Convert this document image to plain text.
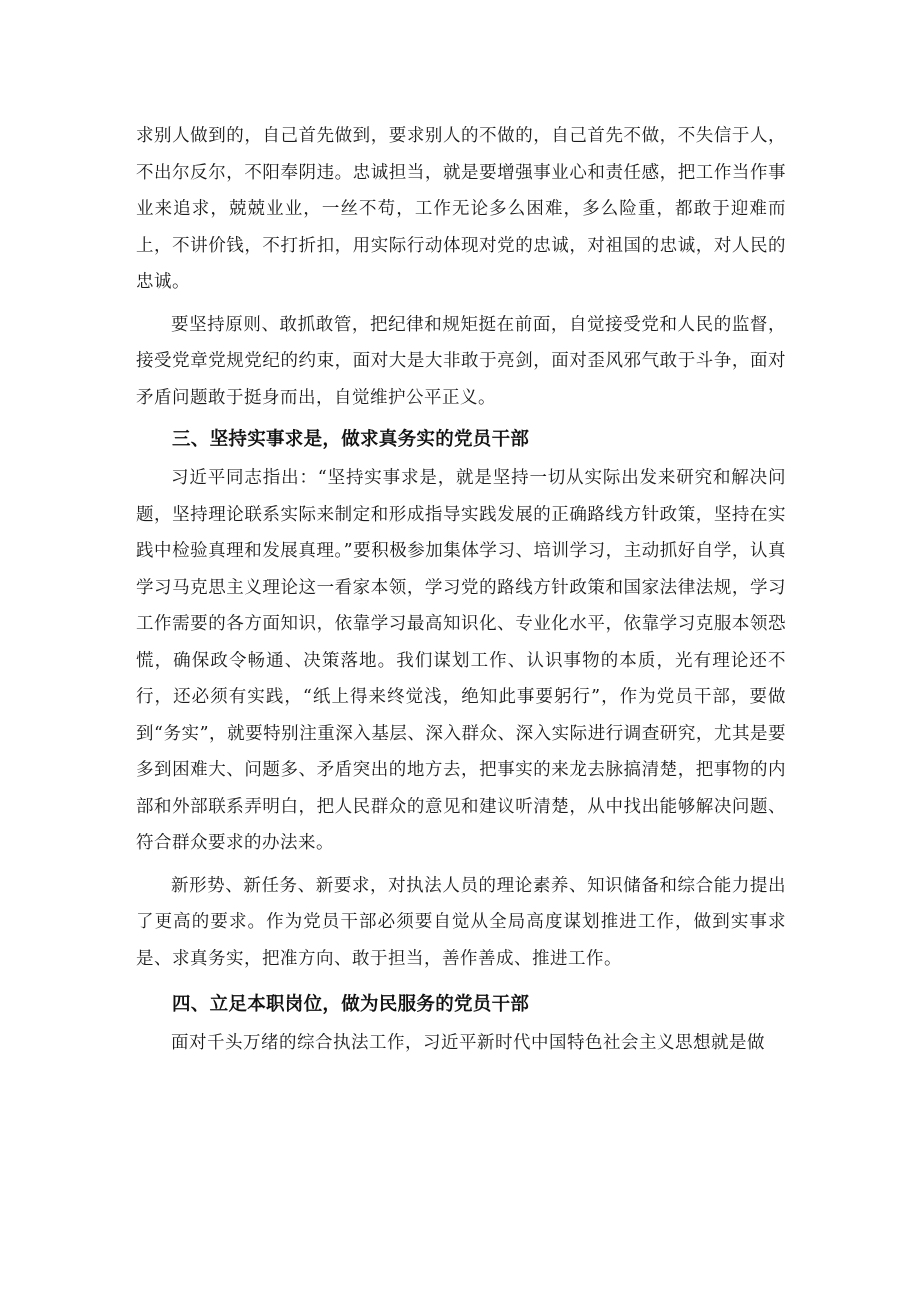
求别人做到的，自己首先做到，要求别人的不做的，自己首先不做，不失信于人，不出尔反尔，不阳奉阴违。忠诚担当，就是要增强事业心和责任感，把工作当作事业来追求，兢兢业业，一丝不苟，工作无论多么困难，多么险重，都敢于迎难而上，不讲价钱，不打折扣，用实际行动体现对党的忠诚，对祖国的忠诚，对人民的忠诚。

要坚持原则、敢抓敢管，把纪律和规矩挺在前面，自觉接受党和人民的监督，接受党章党规党纪的约束，面对大是大非敢于亮剑，面对歪风邪气敢于斗争，面对矛盾问题敢于挺身而出，自觉维护公平正义。

三、坚持实事求是，做求真务实的党员干部

习近平同志指出：“坚持实事求是，就是坚持一切从实际出发来研究和解决问题，坚持理论联系实际来制定和形成指导实践发展的正确路线方针政策，坚持在实践中检验真理和发展真理。”要积极参加集体学习、培训学习，主动抓好自学，认真学习马克思主义理论这一看家本领，学习党的路线方针政策和国家法律法规，学习工作需要的各方面知识，依靠学习最高知识化、专业化水平，依靠学习克服本领恐慌，确保政令畅通、决策落地。我们谋划工作、认识事物的本质，光有理论还不行，还必须有实践，“纸上得来终觉浅，绝知此事要躬行”，作为党员干部，要做到“务实”，就要特别注重深入基层、深入群众、深入实际进行调查研究，尤其是要多到困难大、问题多、矛盾突出的地方去，把事实的来龙去脉搞清楚，把事物的内部和外部联系弄明白，把人民群众的意见和建议听清楚，从中找出能够解决问题、符合群众要求的办法来。

新形势、新任务、新要求，对执法人员的理论素养、知识储备和综合能力提出了更高的要求。作为党员干部必须要自觉从全局高度谋划推进工作，做到实事求是、求真务实，把准方向、敢于担当，善作善成、推进工作。

四、立足本职岗位，做为民服务的党员干部

面对千头万绪的综合执法工作，习近平新时代中国特色社会主义思想就是做
